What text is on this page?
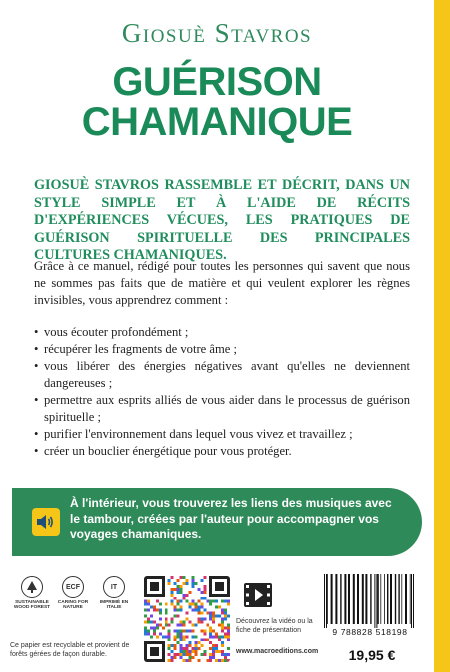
Giosuè Stavros
GUÉRISON
CHAMANIQUE
GIOSUÈ STAVROS RASSEMBLE ET DÉCRIT, DANS UN STYLE SIMPLE ET À L'AIDE DE RÉCITS D'EXPÉRIENCES VÉCUES, LES PRATIQUES DE GUÉRISON SPIRITUELLE DES PRINCIPALES CULTURES CHAMANIQUES.
Grâce à ce manuel, rédigé pour toutes les personnes qui savent que nous ne sommes pas faits que de matière et qui veulent explorer les règnes invisibles, vous apprendrez comment :
• vous écouter profondément ;
• récupérer les fragments de votre âme ;
• vous libérer des énergies négatives avant qu'elles ne deviennent dangereuses ;
• permettre aux esprits alliés de vous aider dans le processus de guérison spirituelle ;
• purifier l'environnement dans lequel vous vivez et travaillez ;
• créer un bouclier énergétique pour vous protéger.
À l'intérieur, vous trouverez les liens des musiques avec le tambour, créées par l'auteur pour accompagner vos voyages chamaniques.
SUSTAINABLE WOOD FOREST
ECF
CARING FOR NATURE
IT
IMPRIMÉ EN ITALIE
Ce papier est recyclable et provient de forêts gérées de façon durable.
Découvrez la vidéo ou la fiche de présentation
www.macroeditions.com
9 788828 518198
19,95 €
